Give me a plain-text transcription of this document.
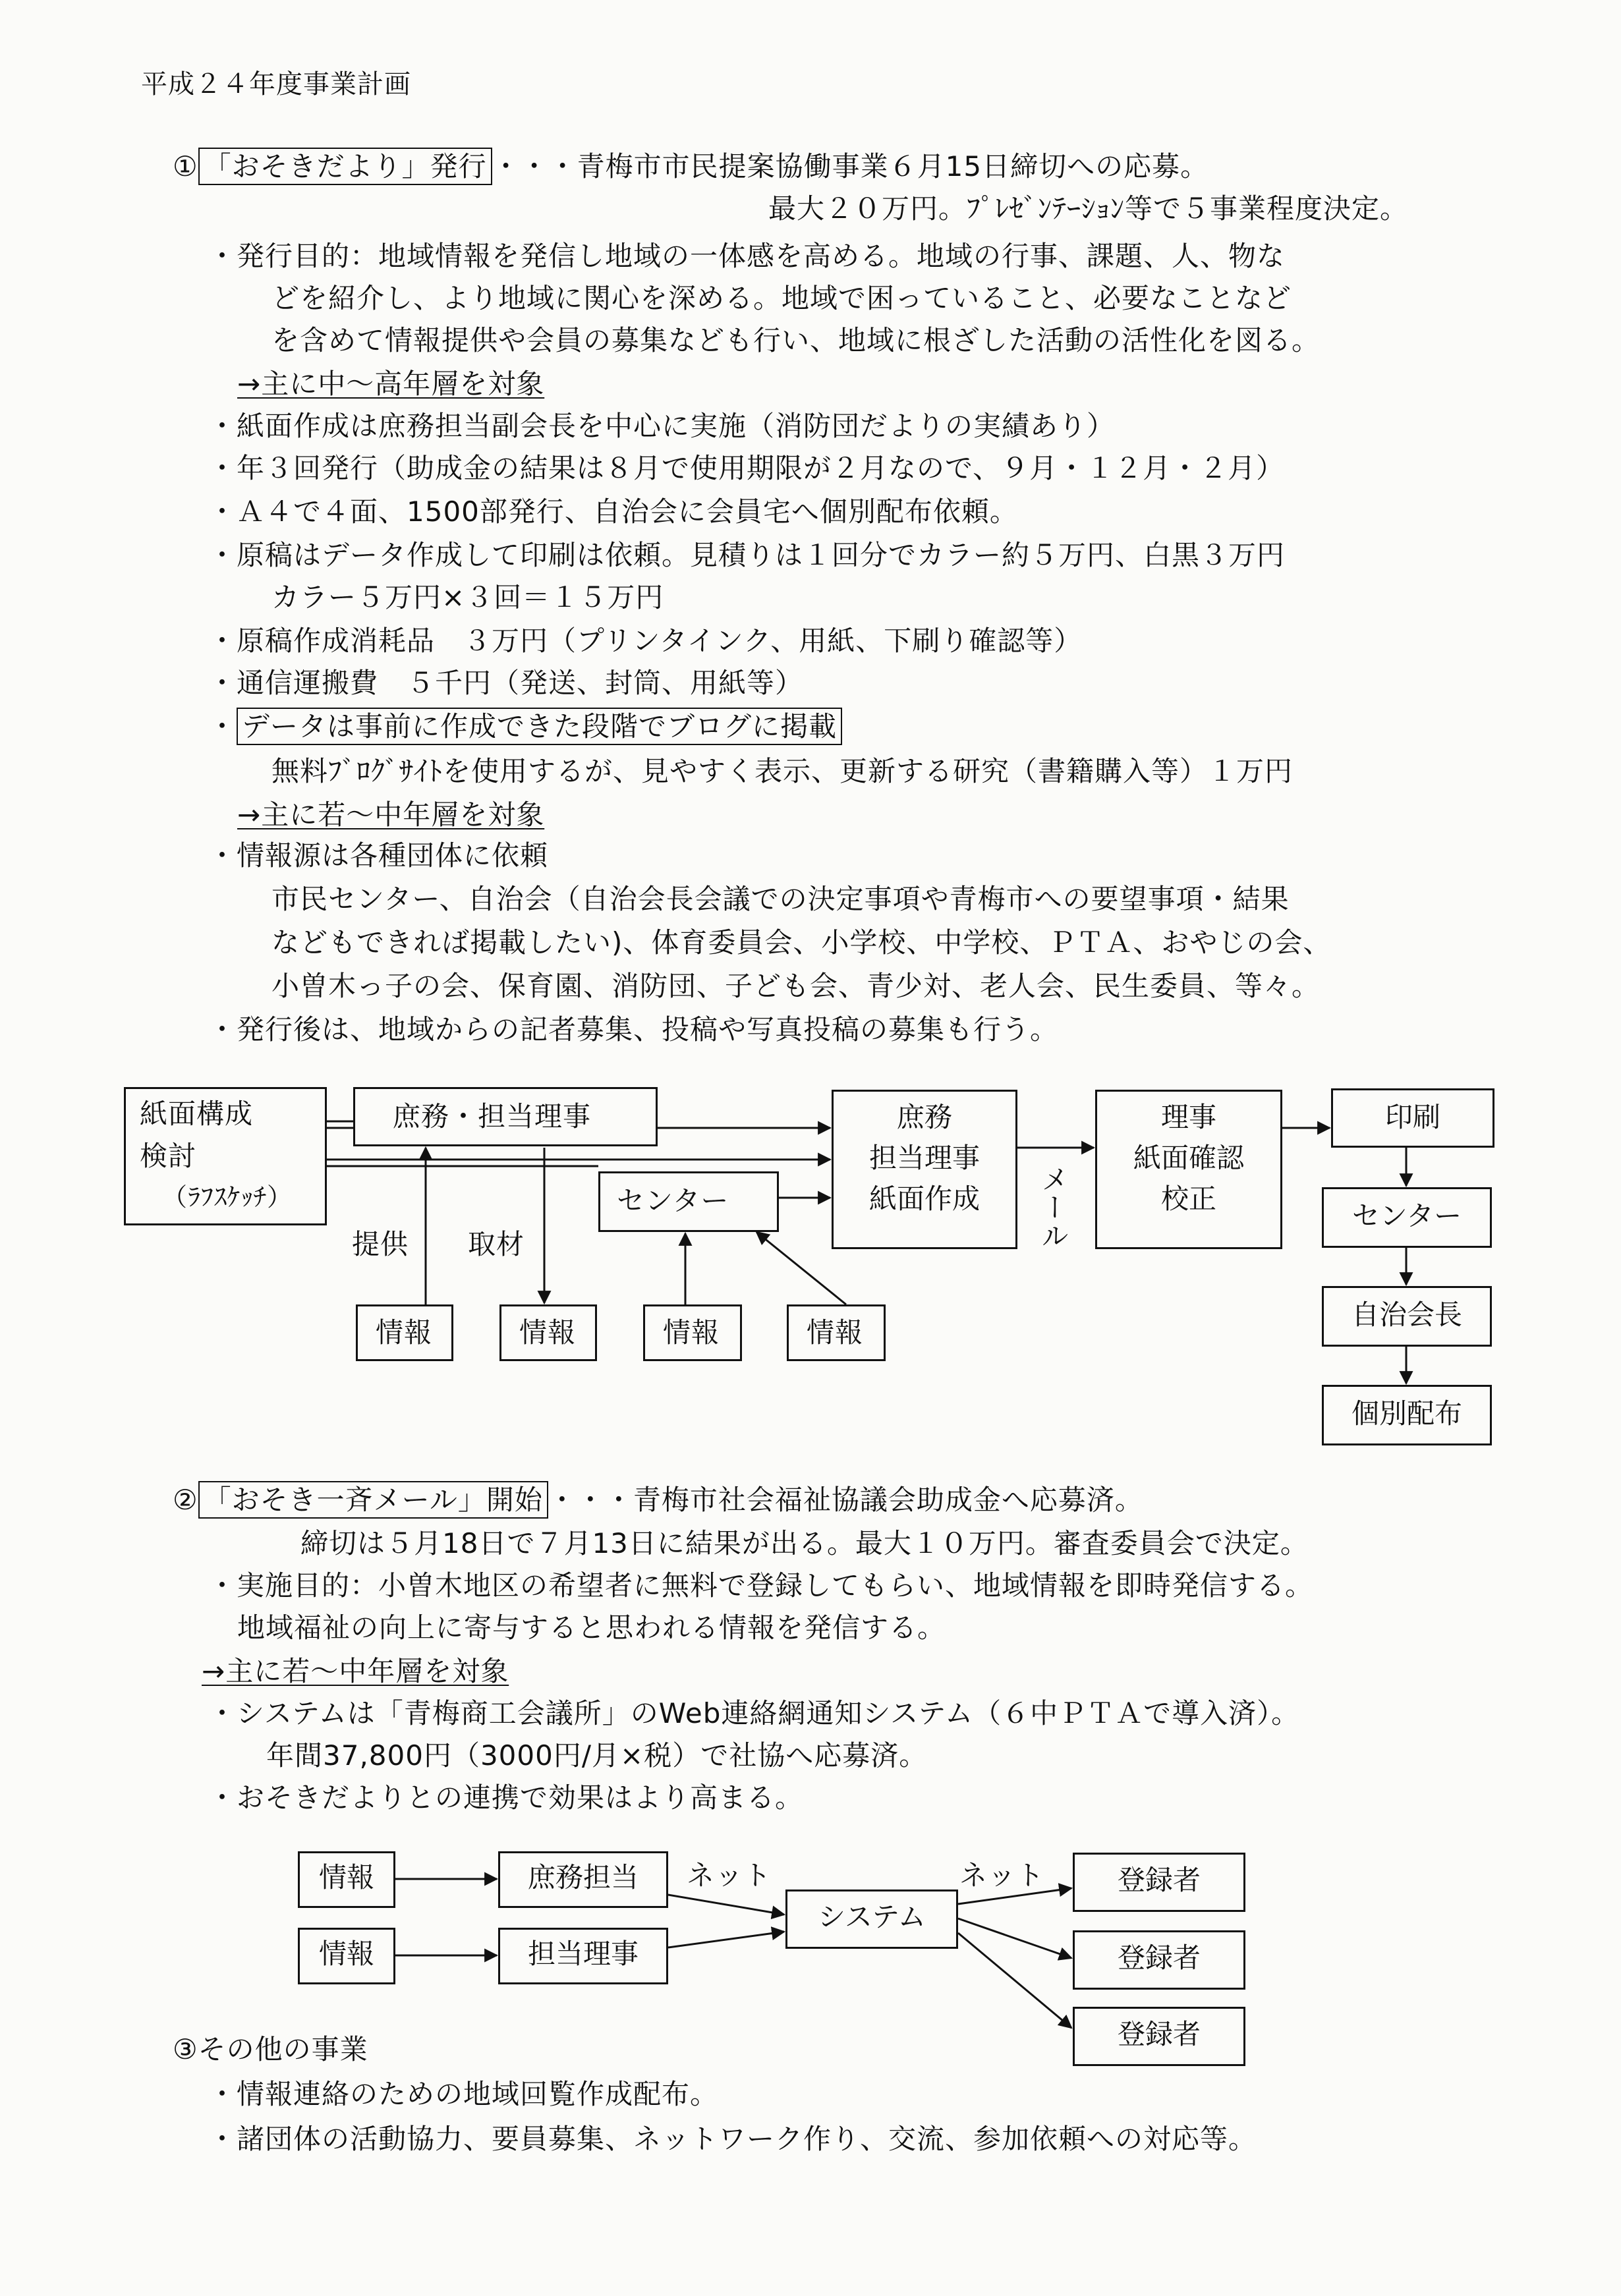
平成２４年度事業計画
① 「おそきだより」発行 ・・・青梅市市民提案協働事業６月15日締切への応募。
最大２０万円。ﾌﾟﾚｾﾞﾝﾃｰｼｮﾝ等で５事業程度決定。
・発行目的：地域情報を発信し地域の一体感を高める。地域の行事、課題、人、物な
どを紹介し、より地域に関心を深める。地域で困っていること、必要なことなど
を含めて情報提供や会員の募集なども行い、地域に根ざした活動の活性化を図る。
→主に中～高年層を対象
・紙面作成は庶務担当副会長を中心に実施（消防団だよりの実績あり）
・年３回発行（助成金の結果は８月で使用期限が２月なので、９月・１２月・２月）
・Ａ４で４面、1500部発行、自治会に会員宅へ個別配布依頼。
・原稿はデータ作成して印刷は依頼。見積りは１回分でカラー約５万円、白黒３万円
カラー５万円×３回＝１５万円
・原稿作成消耗品　３万円（プリンタインク、用紙、下刷り確認等）
・通信運搬費　５千円（発送、封筒、用紙等）
・ データは事前に作成できた段階でブログに掲載
無料ﾌﾞﾛｸﾞｻｲﾄを使用するが、見やすく表示、更新する研究（書籍購入等）１万円
→主に若～中年層を対象
・情報源は各種団体に依頼
市民センター、自治会（自治会長会議での決定事項や青梅市への要望事項・結果
などもできれば掲載したい)、体育委員会、小学校、中学校、ＰＴＡ、おやじの会、
小曽木っ子の会、保育園、消防団、子ども会、青少対、老人会、民生委員、等々。
・発行後は、地域からの記者募集、投稿や写真投稿の募集も行う。
紙面構成
検討
（ﾗﾌｽｹｯﾁ）
庶務・担当理事
センター
提供 取材
情報	情報	情報	情報
庶務
担当理事
紙面作成	メール
理事
紙面確認
校正
印刷
センター
自治会長
個別配布
② 「おそき一斉メール」開始 ・・・青梅市社会福祉協議会助成金へ応募済。
締切は５月18日で７月13日に結果が出る。最大１０万円。審査委員会で決定。
・実施目的：小曽木地区の希望者に無料で登録してもらい、地域情報を即時発信する。
地域福祉の向上に寄与すると思われる情報を発信する。
→主に若～中年層を対象
・システムは「青梅商工会議所」のWeb連絡網通知システム（６中ＰＴＡで導入済）。
年間37,800円（3000円/月×税）で社協へ応募済。
・おそきだよりとの連携で効果はより高まる。
情報
情報
庶務担当
担当理事
ネット
システム
ネット	登録者
登録者
登録者
③その他の事業
・情報連絡のための地域回覧作成配布。
・諸団体の活動協力、要員募集、ネットワーク作り、交流、参加依頼への対応等。
